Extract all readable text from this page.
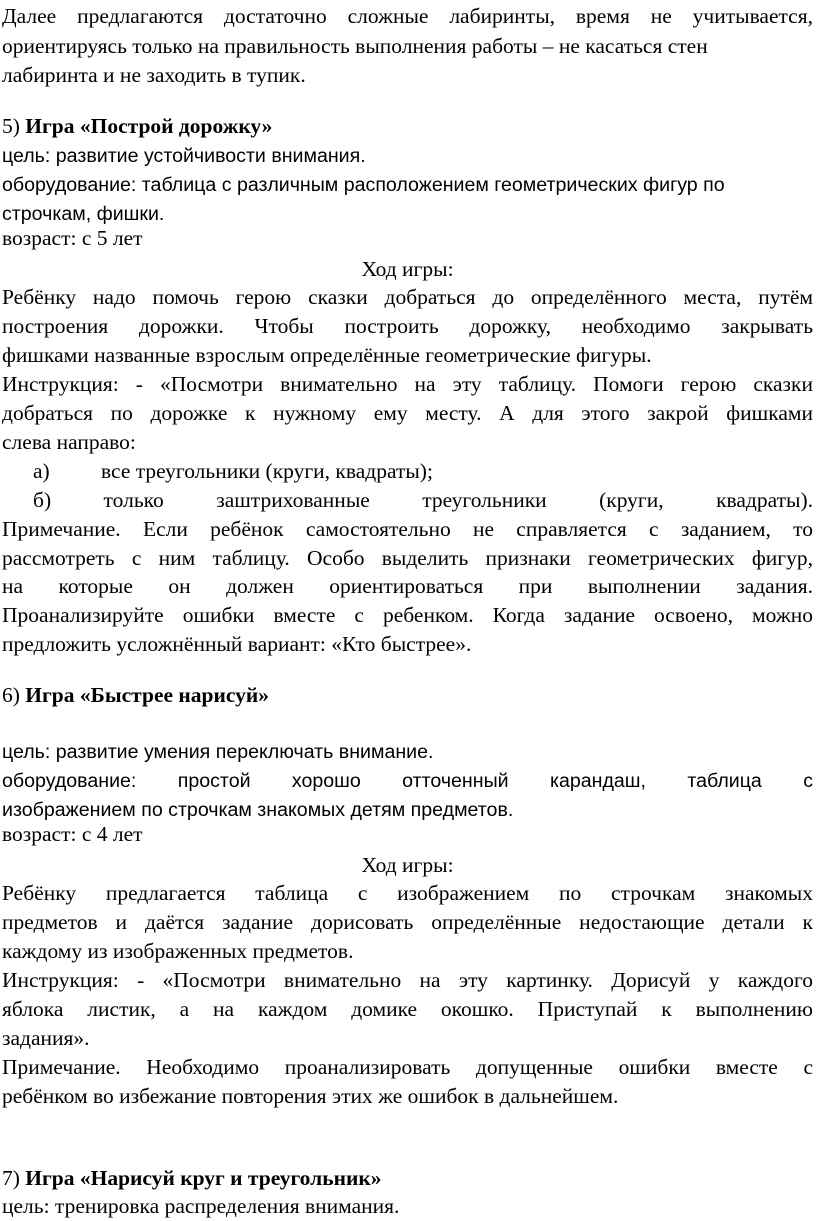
Далее предлагаются достаточно сложные лабиринты, время не учитывается,
ориентируясь только на правильность выполнения работы – не касаться стен
лабиринта и не заходить в тупик.
5) Игра «Построй дорожку»
цель: развитие устойчивости внимания.
оборудование: таблица с различным расположением геометрических фигур по
строчкам, фишки.
возраст: с 5 лет
Ход игры:
Ребёнку надо помочь герою сказки добраться до определённого места, путём
построения дорожки. Чтобы построить дорожку, необходимо закрывать
фишками названные взрослым определённые геометрические фигуры.
Инструкция: - «Посмотри внимательно на эту таблицу. Помоги герою сказки
добраться по дорожке к нужному ему месту. А для этого закрой фишками
слева направо:
а) все треугольники (круги, квадраты);
б) только заштрихованные треугольники (круги, квадраты).
Примечание. Если ребёнок самостоятельно не справляется с заданием, то
рассмотреть с ним таблицу. Особо выделить признаки геометрических фигур,
на которые он должен ориентироваться при выполнении задания.
Проанализируйте ошибки вместе с ребенком. Когда задание освоено, можно
предложить усложнённый вариант: «Кто быстрее».
6) Игра «Быстрее нарисуй»
цель: развитие умения переключать внимание.
оборудование: простой хорошо отточенный карандаш, таблица с
изображением по строчкам знакомых детям предметов.
возраст: с 4 лет
Ход игры:
Ребёнку предлагается таблица с изображением по строчкам знакомых
предметов и даётся задание дорисовать определённые недостающие детали к
каждому из изображенных предметов.
Инструкция: - «Посмотри внимательно на эту картинку. Дорисуй у каждого
яблока листик, а на каждом домике окошко. Приступай к выполнению
задания».
Примечание. Необходимо проанализировать допущенные ошибки вместе с
ребёнком во избежание повторения этих же ошибок в дальнейшем.
7) Игра «Нарисуй круг и треугольник»
цель: тренировка распределения внимания.
